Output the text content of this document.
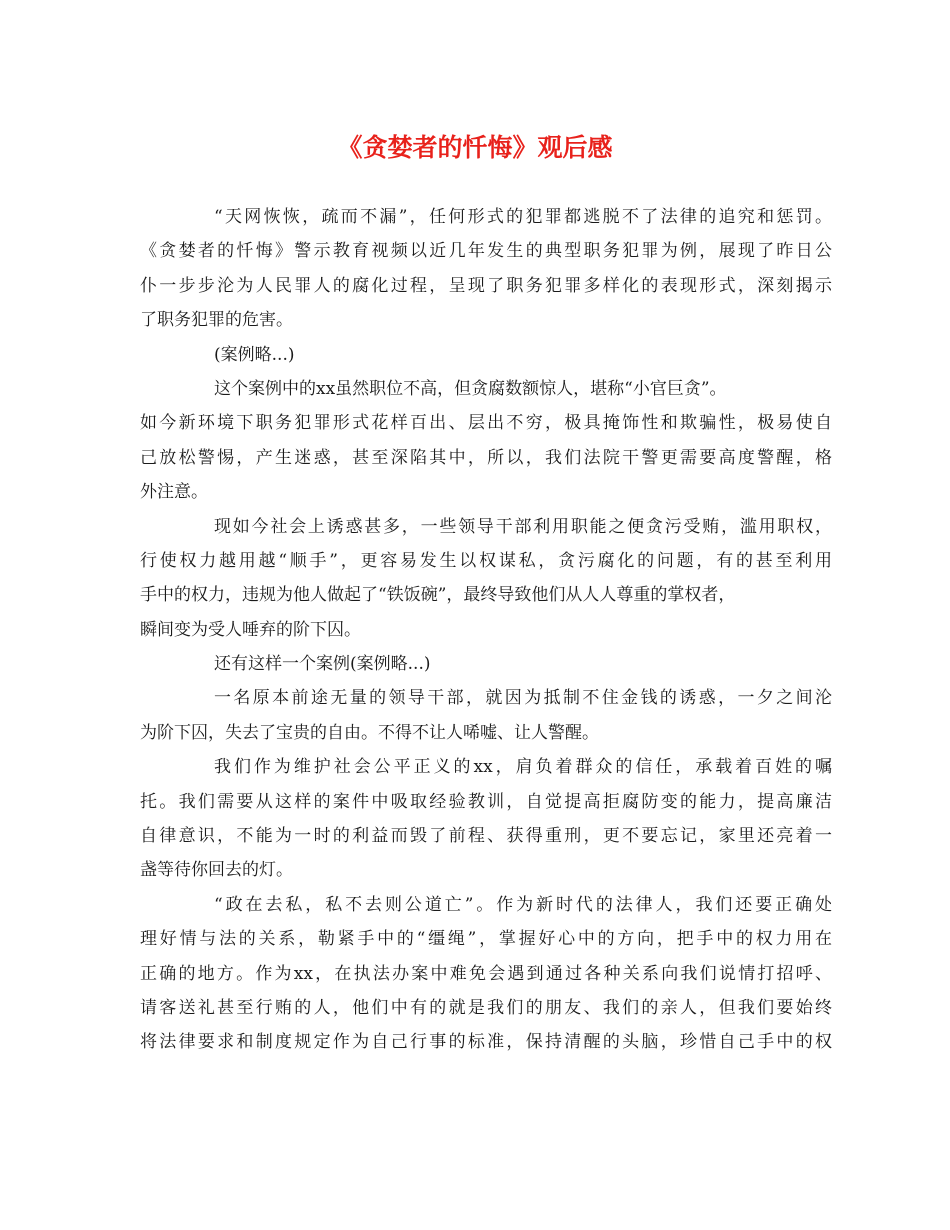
《贪婪者的忏悔》观后感
“天网恢恢，疏而不漏”，任何形式的犯罪都逃脱不了法律的追究和惩罚。
《贪婪者的忏悔》警示教育视频以近几年发生的典型职务犯罪为例，展现了昨日公
仆一步步沦为人民罪人的腐化过程，呈现了职务犯罪多样化的表现形式，深刻揭示
了职务犯罪的危害。
(案例略...)
这个案例中的xx虽然职位不高，但贪腐数额惊人，堪称“小官巨贪”。
如今新环境下职务犯罪形式花样百出、层出不穷，极具掩饰性和欺骗性，极易使自
己放松警惕，产生迷惑，甚至深陷其中，所以，我们法院干警更需要高度警醒，格
外注意。
现如今社会上诱惑甚多，一些领导干部利用职能之便贪污受贿，滥用职权，
行使权力越用越“顺手”，更容易发生以权谋私，贪污腐化的问题，有的甚至利用
手中的权力，违规为他人做起了“铁饭碗”，最终导致他们从人人尊重的掌权者，
瞬间变为受人唾弃的阶下囚。
还有这样一个案例(案例略...)
一名原本前途无量的领导干部，就因为抵制不住金钱的诱惑，一夕之间沦
为阶下囚，失去了宝贵的自由。不得不让人唏嘘、让人警醒。
我们作为维护社会公平正义的xx，肩负着群众的信任，承载着百姓的嘱
托。我们需要从这样的案件中吸取经验教训，自觉提高拒腐防变的能力，提高廉洁
自律意识，不能为一时的利益而毁了前程、获得重刑，更不要忘记，家里还亮着一
盏等待你回去的灯。
“政在去私，私不去则公道亡”。作为新时代的法律人，我们还要正确处
理好情与法的关系，勒紧手中的“缰绳”，掌握好心中的方向，把手中的权力用在
正确的地方。作为xx，在执法办案中难免会遇到通过各种关系向我们说情打招呼、
请客送礼甚至行贿的人，他们中有的就是我们的朋友、我们的亲人，但我们要始终
将法律要求和制度规定作为自己行事的标准，保持清醒的头脑，珍惜自己手中的权
